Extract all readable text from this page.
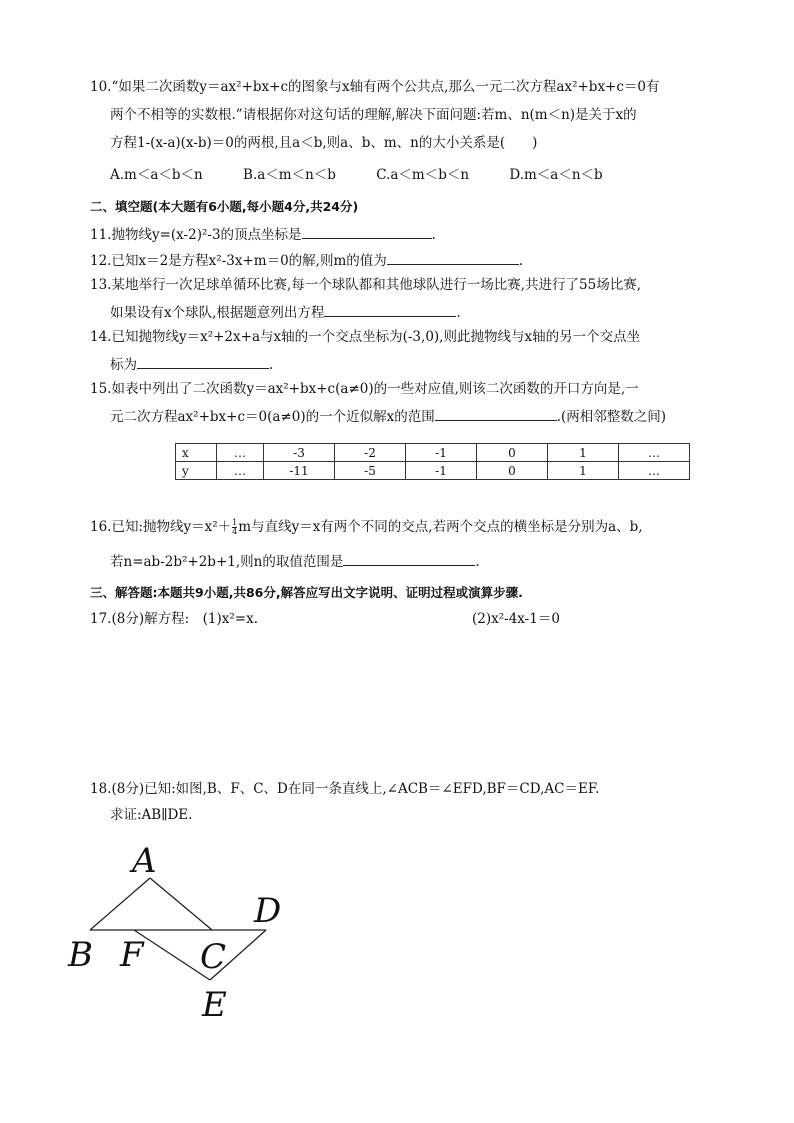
10.“如果二次函数y＝ax²+bx+c的图象与x轴有两个公共点,那么一元二次方程ax²+bx+c＝0有
两个不相等的实数根.”请根据你对这句话的理解,解决下面问题:若m、n(m＜n)是关于x的
方程1-(x-a)(x-b)＝0的两根,且a＜b,则a、b、m、n的大小关系是(　　)
A.m＜a＜b＜n	B.a＜m＜n＜b	C.a＜m＜b＜n	D.m＜a＜n＜b
二、填空题(本大题有6小题,每小题4分,共24分)
11.抛物线y=(x-2)²-3的顶点坐标是	.
12.已知x＝2是方程x²-3x+m＝0的解,则m的值为	.
13.某地举行一次足球单循环比赛,每一个球队都和其他球队进行一场比赛,共进行了55场比赛,
如果设有x个球队,根据题意列出方程	.
14.已知抛物线y＝x²+2x+a与x轴的一个交点坐标为(-3,0),则此抛物线与x轴的另一个交点坐
标为	.
15.如表中列出了二次函数y＝ax²+bx+c(a≠0)的一些对应值,则该二次函数的开口方向是,一
元二次方程ax²+bx+c＝0(a≠0)的一个近似解x的范围	.(两相邻整数之间)
x	…	-3	-2	-1	0	1	…
y	…	-11	-5	-1	0	1	…
16.已知:抛物线$y=x^2+ \frac{1}{4}$ m与直线y＝x有两个不同的交点,若两个交点的横坐标是分别为a、b,
若n=ab-2b²+2b+1,则n的取值范围是	.
三、解答题:本题共9小题,共86分,解答应写出文字说明、证明过程或演算步骤.
17.(8分)解方程:　(1)x²=x.	(2)x²-4x-1＝0
18.(8分)已知:如图,B、F、C、D在同一条直线上,∠ACB＝∠EFD,BF＝CD,AC＝EF.
求证:AB∥DE.
A
B F C
D
E
